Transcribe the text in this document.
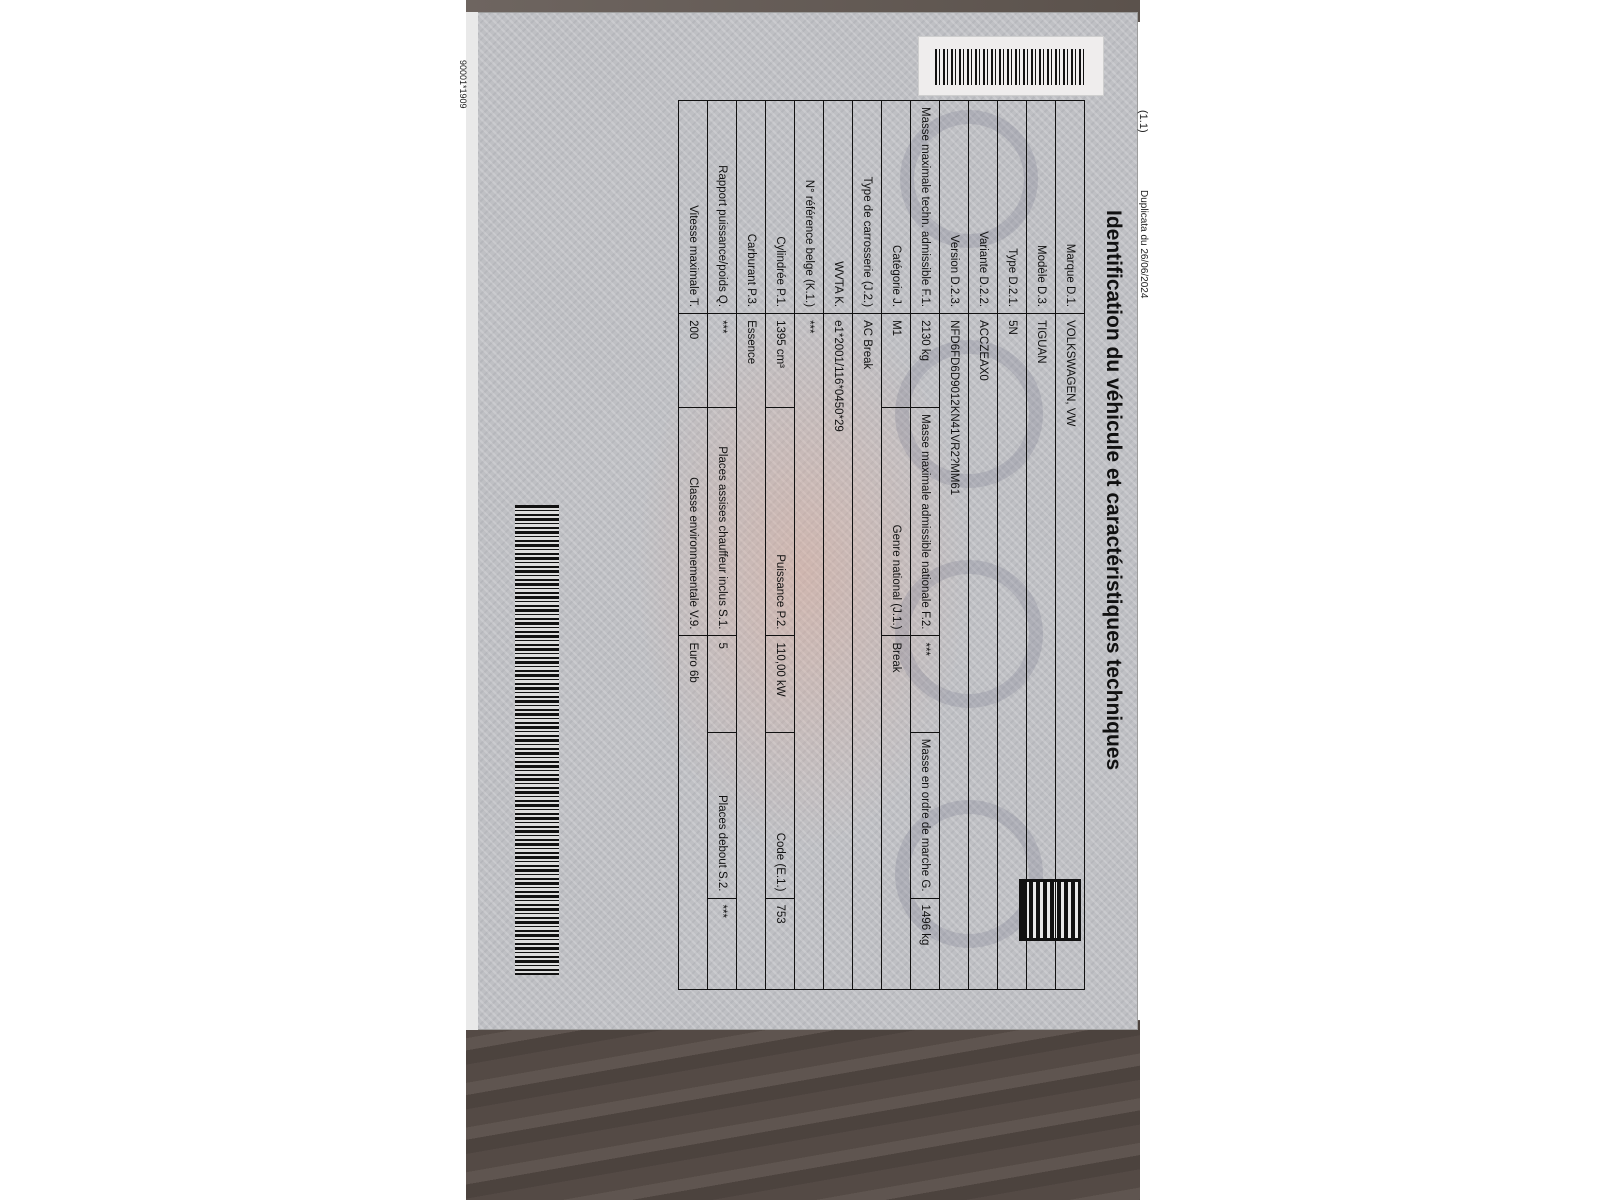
90001*1909
(1.1)
Duplicata du 26/06/2024
Identification du véhicule et caractéristiques techniques
Marque D.1.	VOLKSWAGEN, VW				
Modèle D.3.	TIGUAN				
Type D.2.1.	5N				
Variante D.2.2.	ACCZEAX0				
Version D.2.3.	NFD6FD6D9012KN41VR2?MM61				
Masse maximale techn. admissible F.1.	2130 kg	Masse maximale admissible nationale F.2.	***	Masse en ordre de marche G.	1496 kg
Catégorie J.	M1	Genre national (J.1.)	Break		
Type de carrosserie (J.2.)	AC Break				
WVTA K.	e1*2001/116*0450*29				
N° référence belge (K.1.)	***				
Cylindrée P.1.	1395 cm³	Puissance P.2.	110,00 kW	Code (E.1.)	753
Carburant P.3.	Essence				
Rapport puissance/poids Q.	***	Places assises chauffeur inclus S.1.	5	Places debout S.2.	***
Vitesse maximale T.	200	Classe environnementale V.9.	Euro 6b		
